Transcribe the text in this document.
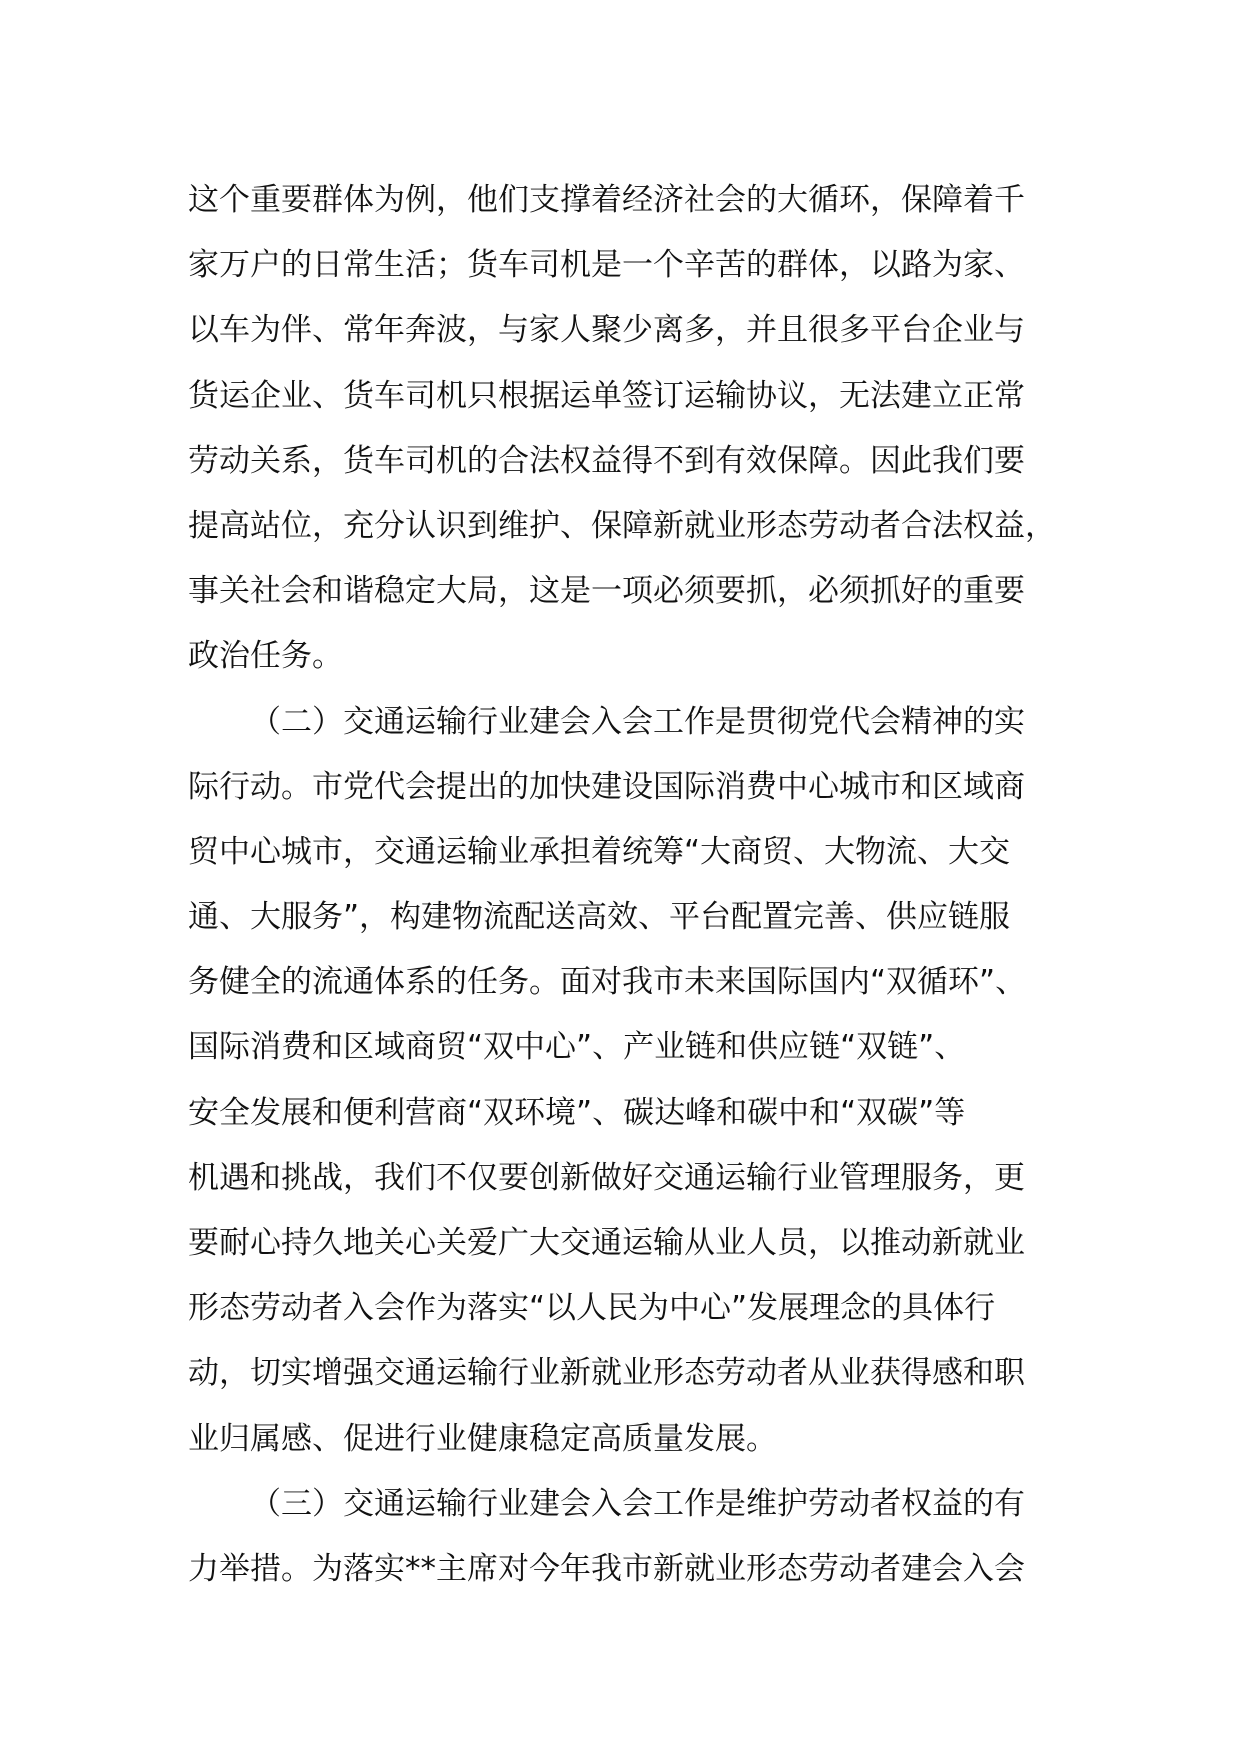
这个重要群体为例，他们支撑着经济社会的大循环，保障着千
家万户的日常生活；货车司机是一个辛苦的群体，以路为家、
以车为伴、常年奔波，与家人聚少离多，并且很多平台企业与
货运企业、货车司机只根据运单签订运输协议，无法建立正常
劳动关系，货车司机的合法权益得不到有效保障。因此我们要
提高站位，充分认识到维护、保障新就业形态劳动者合法权益，
事关社会和谐稳定大局，这是一项必须要抓，必须抓好的重要
政治任务。
（二）交通运输行业建会入会工作是贯彻党代会精神的实
际行动。市党代会提出的加快建设国际消费中心城市和区域商
贸中心城市，交通运输业承担着统筹“大商贸、大物流、大交
通、大服务”，构建物流配送高效、平台配置完善、供应链服
务健全的流通体系的任务。面对我市未来国际国内“双循环”、
国际消费和区域商贸“双中心”、产业链和供应链“双链”、
安全发展和便利营商“双环境”、碳达峰和碳中和“双碳”等
机遇和挑战，我们不仅要创新做好交通运输行业管理服务，更
要耐心持久地关心关爱广大交通运输从业人员，以推动新就业
形态劳动者入会作为落实“以人民为中心”发展理念的具体行
动，切实增强交通运输行业新就业形态劳动者从业获得感和职
业归属感、促进行业健康稳定高质量发展。
（三）交通运输行业建会入会工作是维护劳动者权益的有
力举措。为落实**主席对今年我市新就业形态劳动者建会入会
